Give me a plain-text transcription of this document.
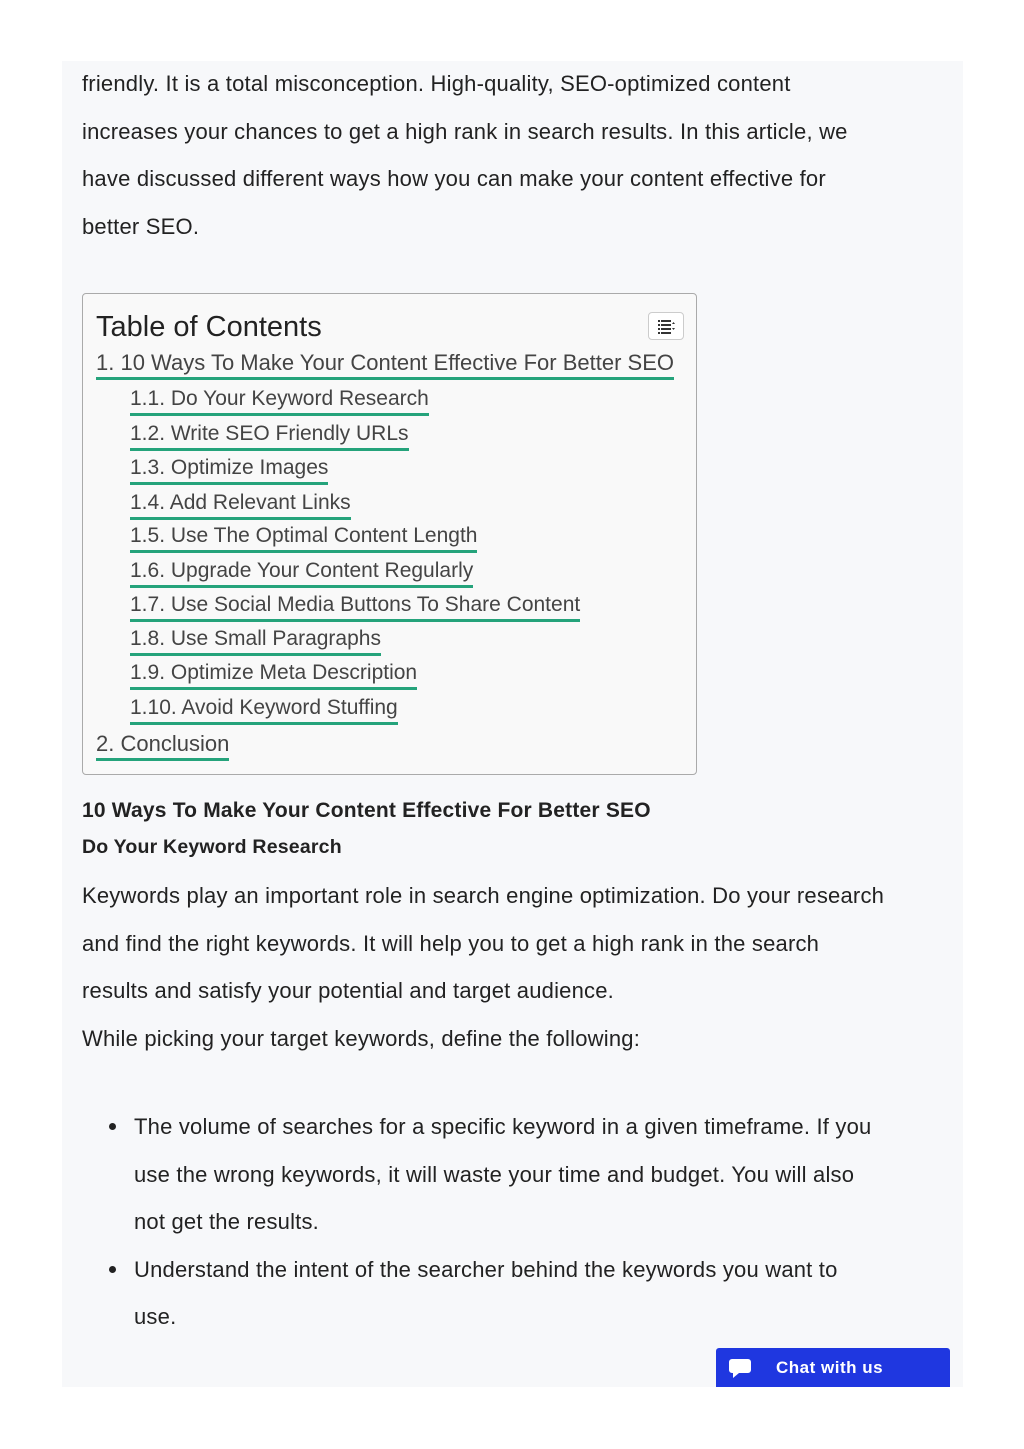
friendly. It is a total misconception. High-quality, SEO-optimized content

increases your chances to get a high rank in search results. In this article, we

have discussed different ways how you can make your content effective for

better SEO.

Table of Contents
1. 10 Ways To Make Your Content Effective For Better SEO
1.1. Do Your Keyword Research
1.2. Write SEO Friendly URLs
1.3. Optimize Images
1.4. Add Relevant Links
1.5. Use The Optimal Content Length
1.6. Upgrade Your Content Regularly
1.7. Use Social Media Buttons To Share Content
1.8. Use Small Paragraphs
1.9. Optimize Meta Description
1.10. Avoid Keyword Stuffing
2. Conclusion
10 Ways To Make Your Content Effective For Better SEO
Do Your Keyword Research

Keywords play an important role in search engine optimization. Do your research

and find the right keywords. It will help you to get a high rank in the search

results and satisfy your potential and target audience.

While picking your target keywords, define the following:

The volume of searches for a specific keyword in a given timeframe. If you
use the wrong keywords, it will waste your time and budget. You will also
not get the results.
Understand the intent of the searcher behind the keywords you want to
use.
Chat with us
